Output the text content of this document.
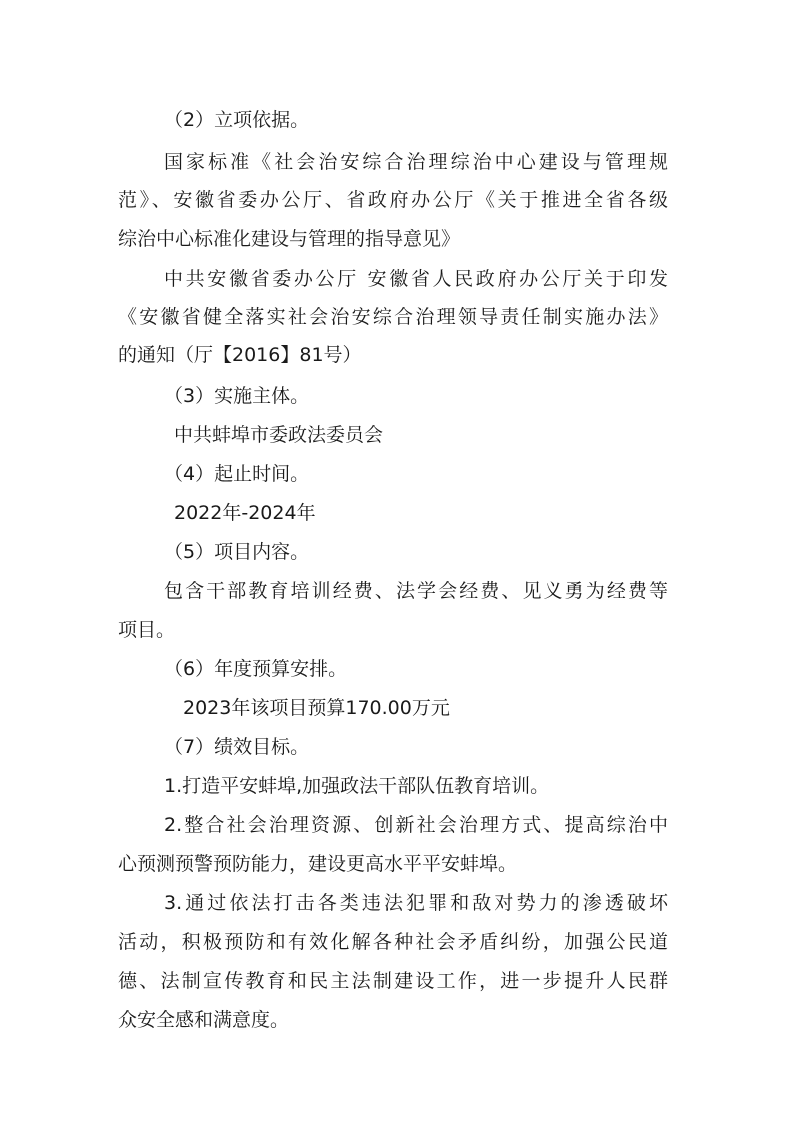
（2）立项依据。
国家标准《社会治安综合治理综治中心建设与管理规
范》、安徽省委办公厅、省政府办公厅《关于推进全省各级
综治中心标准化建设与管理的指导意见》
中共安徽省委办公厅 安徽省人民政府办公厅关于印发
《安徽省健全落实社会治安综合治理领导责任制实施办法》
的通知（厅【2016】81号）
（3）实施主体。
中共蚌埠市委政法委员会
（4）起止时间。
2022年-2024年
（5）项目内容。
包含干部教育培训经费、法学会经费、见义勇为经费等
项目。
（6）年度预算安排。
2023年该项目预算170.00万元
（7）绩效目标。
1.打造平安蚌埠,加强政法干部队伍教育培训。
2.整合社会治理资源、创新社会治理方式、提高综治中
心预测预警预防能力，建设更高水平平安蚌埠。
3.通过依法打击各类违法犯罪和敌对势力的渗透破坏
活动，积极预防和有效化解各种社会矛盾纠纷，加强公民道
德、法制宣传教育和民主法制建设工作，进一步提升人民群
众安全感和满意度。
